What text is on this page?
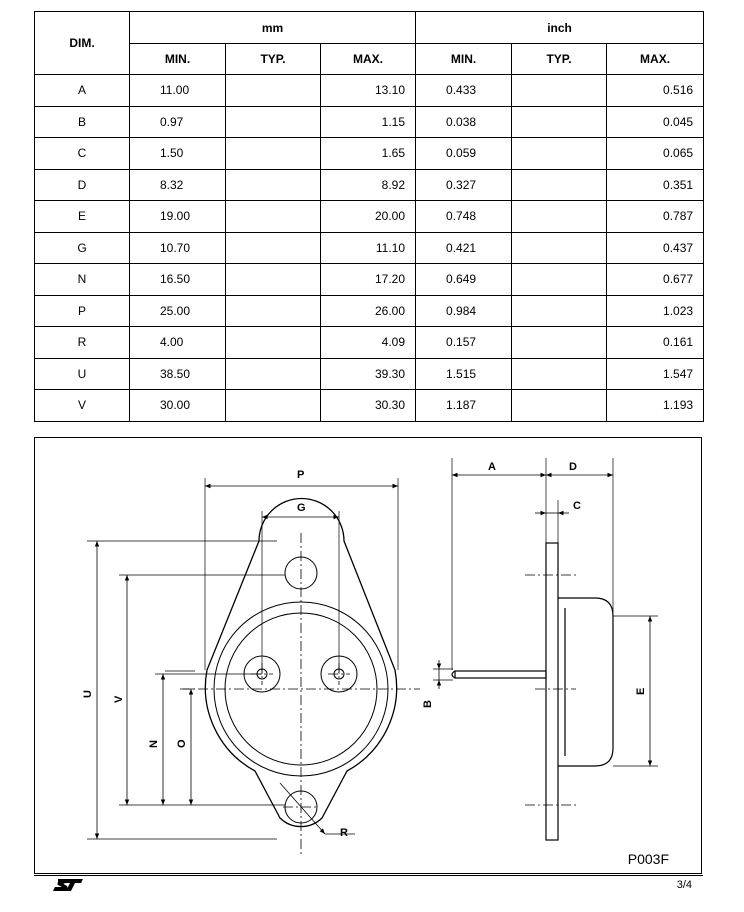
DIM.	mm			inch		
	MIN.	TYP.	MAX.	MIN.	TYP.	MAX.
A	11.00		13.10	0.433		0.516
B	0.97		1.15	0.038		0.045
C	1.50		1.65	0.059		0.065
D	8.32		8.92	0.327		0.351
E	19.00		20.00	0.748		0.787
G	10.70		11.10	0.421		0.437
N	16.50		17.20	0.649		0.677
P	25.00		26.00	0.984		1.023
R	4.00		4.09	0.157		0.161
U	38.50		39.30	1.515		1.547
V	30.00		30.30	1.187		1.193
P
G
U
V
N O
R
A	D
C
B
E
P003F
3/4
